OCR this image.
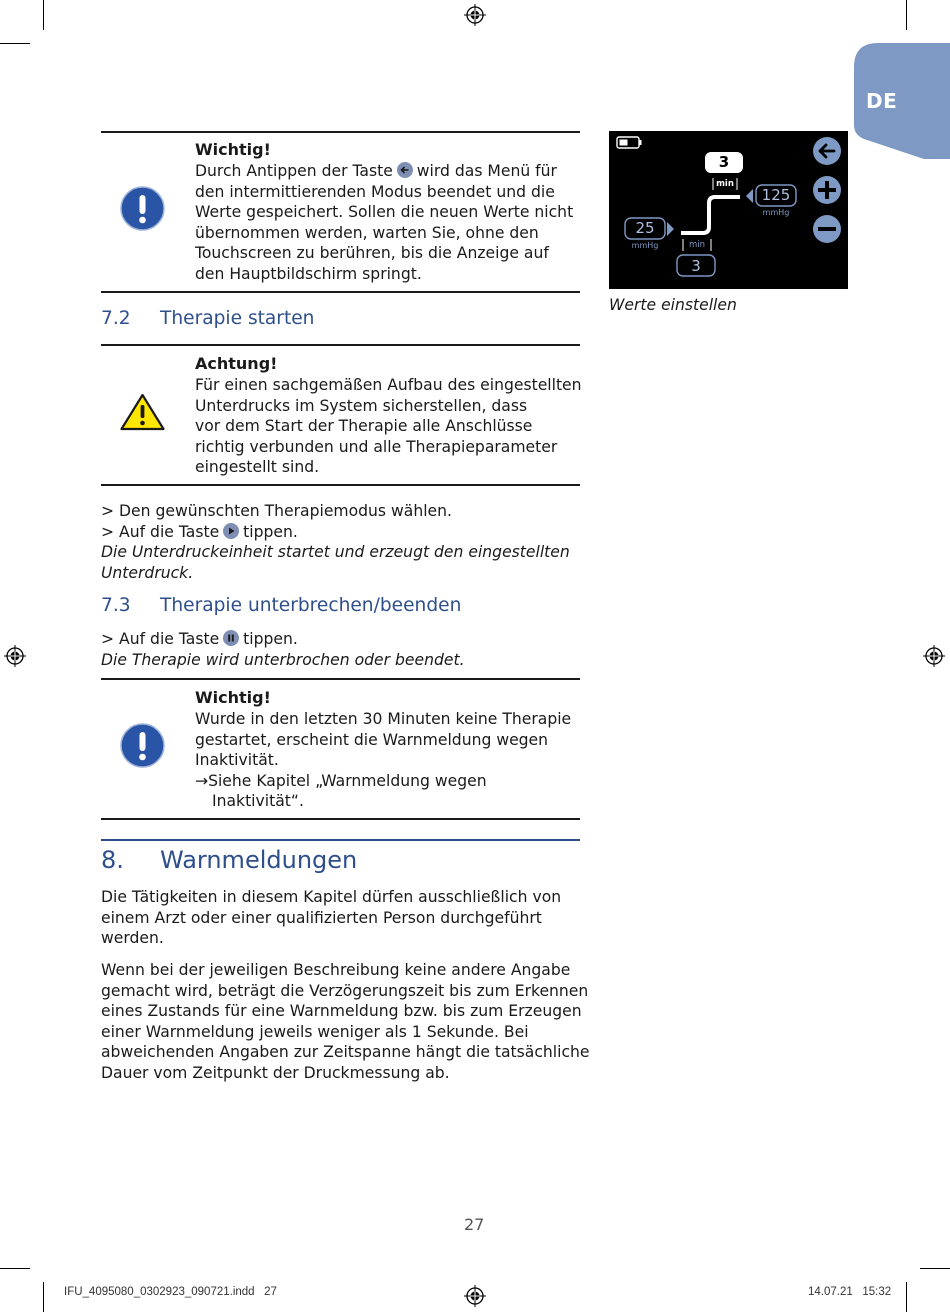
DE
Wichtig!
Durch Antippen der Taste wird das Menü für
den intermittierenden Modus beendet und die
Werte gespeichert. Sollen die neuen Werte nicht
übernommen werden, warten Sie, ohne den
Touchscreen zu berühren, bis die Anzeige auf
den Hauptbildschirm springt.
7.2 Therapie starten
Achtung!
Für einen sachgemäßen Aufbau des eingestellten
Unterdrucks im System sicherstellen, dass
vor dem Start der Therapie alle Anschlüsse
richtig verbunden und alle Therapieparameter
eingestellt sind.
> Den gewünschten Therapiemodus wählen.
> Auf die Taste tippen.
Die Unterdruckeinheit startet und erzeugt den eingestellten
Unterdruck.
7.3 Therapie unterbrechen/beenden
> Auf die Taste tippen.
Die Therapie wird unterbrochen oder beendet.
Wichtig!
Wurde in den letzten 30 Minuten keine Therapie
gestartet, erscheint die Warnmeldung wegen
Inaktivität.
→Siehe Kapitel „Warnmeldung wegen
Inaktivität“.
8. Warnmeldungen
Die Tätigkeiten in diesem Kapitel dürfen ausschließlich von
einem Arzt oder einer qualifizierten Person durchgeführt
werden.
Wenn bei der jeweiligen Beschreibung keine andere Angabe
gemacht wird, beträgt die Verzögerungszeit bis zum Erkennen
eines Zustands für eine Warnmeldung bzw. bis zum Erzeugen
einer Warnmeldung jeweils weniger als 1 Sekunde. Bei
abweichenden Angaben zur Zeitspanne hängt die tatsächliche
Dauer vom Zeitpunkt der Druckmessung ab.
3
min
125
mmHg
25
mmHg	min
3
Werte einstellen
27
IFU_4095080_0302923_090721.indd   27	14.07.21   15:32
